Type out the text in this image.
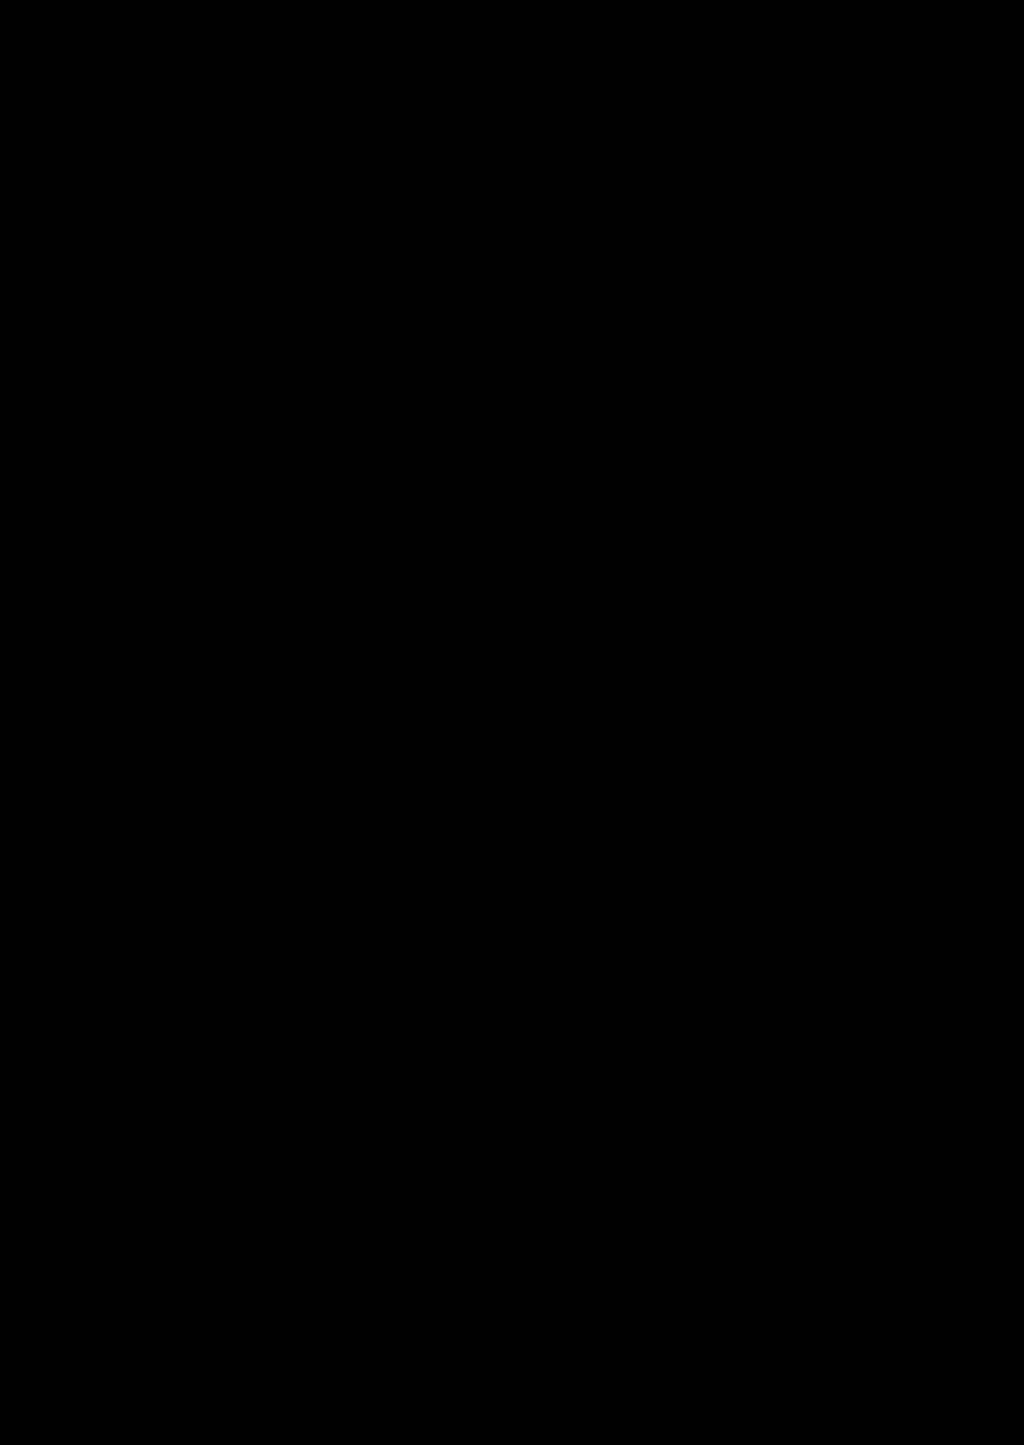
studuje první dvě kapitoly, ve kterých je obtížné látky velmi málo, bude dosti myšlenkově vyspělý i k četbě třetí kapitoly, nebude však asi, pokud nestudoval už dříve vyšší partie matematiky, ještě schopen plně si promyslit celý dosah probrané látky. Doporučuji čtenáři začátečníku, aby třetí kapitolu jednou důkladně pročetl a aby se k ní později znovu vracel při studiu vyšší matematiky; jen tak bude mít z jejího studia maximální zisk.

Existují různé vědecké theorie reálných čísel, z nichž nejznámější jsou dvě; jedna pochází od G. Cantora (1845—1918), zakladatele theorie množin, která měla rozhodující vliv na vývoj matematiky ve 20. století, druhá od R. Dedekinda (1831—1916), význačného pracovníka v theorii čísel, od kterého pocházejí mnohé základní ideje, později soustavně zpracované v moderní algebře. V české literatuře je Cantorova theorie reálných čísel soustavně zpracována po prvé v této knize. Všecka dřívější česká zpracování theorie reálných čísel (Ed. Weyr, K. Petr, V. Jarník, K. Hruša) vykládají Dedekindovu theorii. Velkou předností Cantorova postupu je to, že je založen na pojmu limity, který je jedním ze stěžejních pojmů celé vyšší matematiky. Jediná výtka, která se činívá Cantorově theorii, tkví v tom, že pro její pochopení je nezbytná znalost tvoření pojmů abstrakcí, která bývá prohlašována za „těžkou“. Této výtce jsem se snažil čelit tím, že jak jsem řekl, rozbírám princip tvoření pojmů abstrakcí na jiném jednodušším příkladě už ve druhé kapitole.

Čtvrtá kapitola pojednává o několika různých thematech. V prvních dvou paragrafech probírám základní věty o dělitelnosti přirozených čísel a tím doplňuji látku kapitoly první. Můj výklad je založen na pojmu násobku a zdá se mi metodicky vhodnější pro začátečníka než jiné způsoby. V § 3 seznamuji čtenáře se značkami Σ pro součet a Π pro součin, velmi užívanými ve vyšší matematice. Další dva paragrafy rozvíjejí počátky kombinatoriky; zbývající část kapitoly je úvodem do nauky o mnohočlenech, nezbytné pro vyšší matematiku.

Poslední kapitola knihy je už přímou přípravou ke studiu vyšší matematiky. Opíraje se vydatně o názor, vykládám počátky analytické geometrie v rozsahu nezbytném pro studium funkcí jedné proměnné a jejich grafického znázornění, dále probírám příklady funkcí a řeším některé nerovnosti, při čemž opět kladu velkou váhu na geometrické znázornění. Tato kapitola je do značné míry na předcházejících nezávislá a je možné začít studium knihy touto kapitolou.

Značná část knihy je obsahově velmi blízká Hrušově knize Elementární aritmetika, od které se však podstatně liší metodicky. Hrušova kniha, jak je řečeno v její předmluvě, „nežádá od čtenáře vlastně nic jiného než jakousi zběhlost v logickém usuzování“, já naopak chci vést

7
